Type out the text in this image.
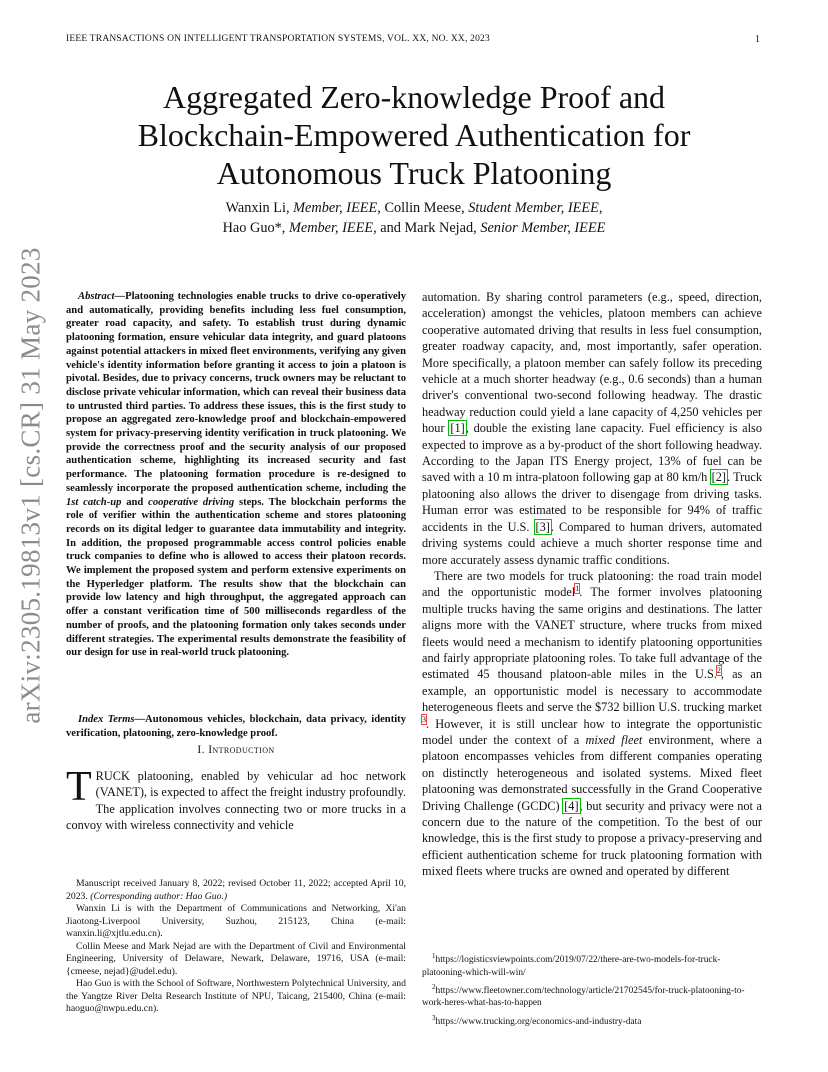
IEEE TRANSACTIONS ON INTELLIGENT TRANSPORTATION SYSTEMS, VOL. XX, NO. XX, 2023	1
arXiv:2305.19813v1 [cs.CR] 31 May 2023
Aggregated Zero-knowledge Proof and
Blockchain-Empowered Authentication for
Autonomous Truck Platooning
Wanxin Li, Member, IEEE, Collin Meese, Student Member, IEEE,
Hao Guo*, Member, IEEE, and Mark Nejad, Senior Member, IEEE

Abstract—Platooning technologies enable trucks to drive co-operatively and automatically, providing benefits including less fuel consumption, greater road capacity, and safety. To establish trust during dynamic platooning formation, ensure vehicular data integrity, and guard platoons against potential attackers in mixed fleet environments, verifying any given vehicle's identity information before granting it access to join a platoon is pivotal. Besides, due to privacy concerns, truck owners may be reluctant to disclose private vehicular information, which can reveal their business data to untrusted third parties. To address these issues, this is the first study to propose an aggregated zero-knowledge proof and blockchain-empowered system for privacy-preserving identity verification in truck platooning. We provide the correctness proof and the security analysis of our proposed authentication scheme, highlighting its increased security and fast performance. The platooning formation procedure is re-designed to seamlessly incorporate the proposed authentication scheme, including the 1st catch-up and cooperative driving steps. The blockchain performs the role of verifier within the authentication scheme and stores platooning records on its digital ledger to guarantee data immutability and integrity. In addition, the proposed programmable access control policies enable truck companies to define who is allowed to access their platoon records. We implement the proposed system and perform extensive experiments on the Hyperledger platform. The results show that the blockchain can provide low latency and high throughput, the aggregated approach can offer a constant verification time of 500 milliseconds regardless of the number of proofs, and the platooning formation only takes seconds under different strategies. The experimental results demonstrate the feasibility of our design for use in real-world truck platooning.

Index Terms—Autonomous vehicles, blockchain, data privacy, identity verification, platooning, zero-knowledge proof.

I. Introduction

TRUCK platooning, enabled by vehicular ad hoc network (VANET), is expected to affect the freight industry profoundly. The application involves connecting two or more trucks in a convoy with wireless connectivity and vehicle

Manuscript received January 8, 2022; revised October 11, 2022; accepted April 10, 2023. (Corresponding author: Hao Guo.)

Wanxin Li is with the Department of Communications and Networking, Xi'an Jiaotong-Liverpool University, Suzhou, 215123, China (e-mail: wanxin.li@xjtlu.edu.cn).

Collin Meese and Mark Nejad are with the Department of Civil and Environmental Engineering, University of Delaware, Newark, Delaware, 19716, USA (e-mail: {cmeese, nejad}@udel.edu).

Hao Guo is with the School of Software, Northwestern Polytechnical University, and the Yangtze River Delta Research Institute of NPU, Taicang, 215400, China (e-mail: haoguo@nwpu.edu.cn).

automation. By sharing control parameters (e.g., speed, direction, acceleration) amongst the vehicles, platoon members can achieve cooperative automated driving that results in less fuel consumption, greater roadway capacity, and, most importantly, safer operation. More specifically, a platoon member can safely follow its preceding vehicle at a much shorter headway (e.g., 0.6 seconds) than a human driver's conventional two-second following headway. The drastic headway reduction could yield a lane capacity of 4,250 vehicles per hour [1], double the existing lane capacity. Fuel efficiency is also expected to improve as a by-product of the short following headway. According to the Japan ITS Energy project, 13% of fuel can be saved with a 10 m intra-platoon following gap at 80 km/h [2]. Truck platooning also allows the driver to disengage from driving tasks. Human error was estimated to be responsible for 94% of traffic accidents in the U.S. [3]. Compared to human drivers, automated driving systems could achieve a much shorter response time and more accurately assess dynamic traffic conditions.

There are two models for truck platooning: the road train model and the opportunistic model$^1$. The former involves platooning multiple trucks having the same origins and destinations. The latter aligns more with the VANET structure, where trucks from mixed fleets would need a mechanism to identify platooning opportunities and fairly appropriate platooning roles. To take full advantage of the estimated 45 thousand platoon-able miles in the U.S.$^2$, as an example, an opportunistic model is necessary to accommodate heterogeneous fleets and serve the $732 billion U.S. trucking market $^3$. However, it is still unclear how to integrate the opportunistic model under the context of a mixed fleet environment, where a platoon encompasses vehicles from different companies operating on distinctly heterogeneous and isolated systems. Mixed fleet platooning was demonstrated successfully in the Grand Cooperative Driving Challenge (GCDC) [4], but security and privacy were not a concern due to the nature of the competition. To the best of our knowledge, this is the first study to propose a privacy-preserving and efficient authentication scheme for truck platooning formation with mixed fleets where trucks are owned and operated by different

$^1$https://logisticsviewpoints.com/2019/07/22/there-are-two-models-for-truck-platooning-which-will-win/

$^2$https://www.fleetowner.com/technology/article/21702545/for-truck-platooning-to-work-heres-what-has-to-happen

$^3$https://www.trucking.org/economics-and-industry-data
